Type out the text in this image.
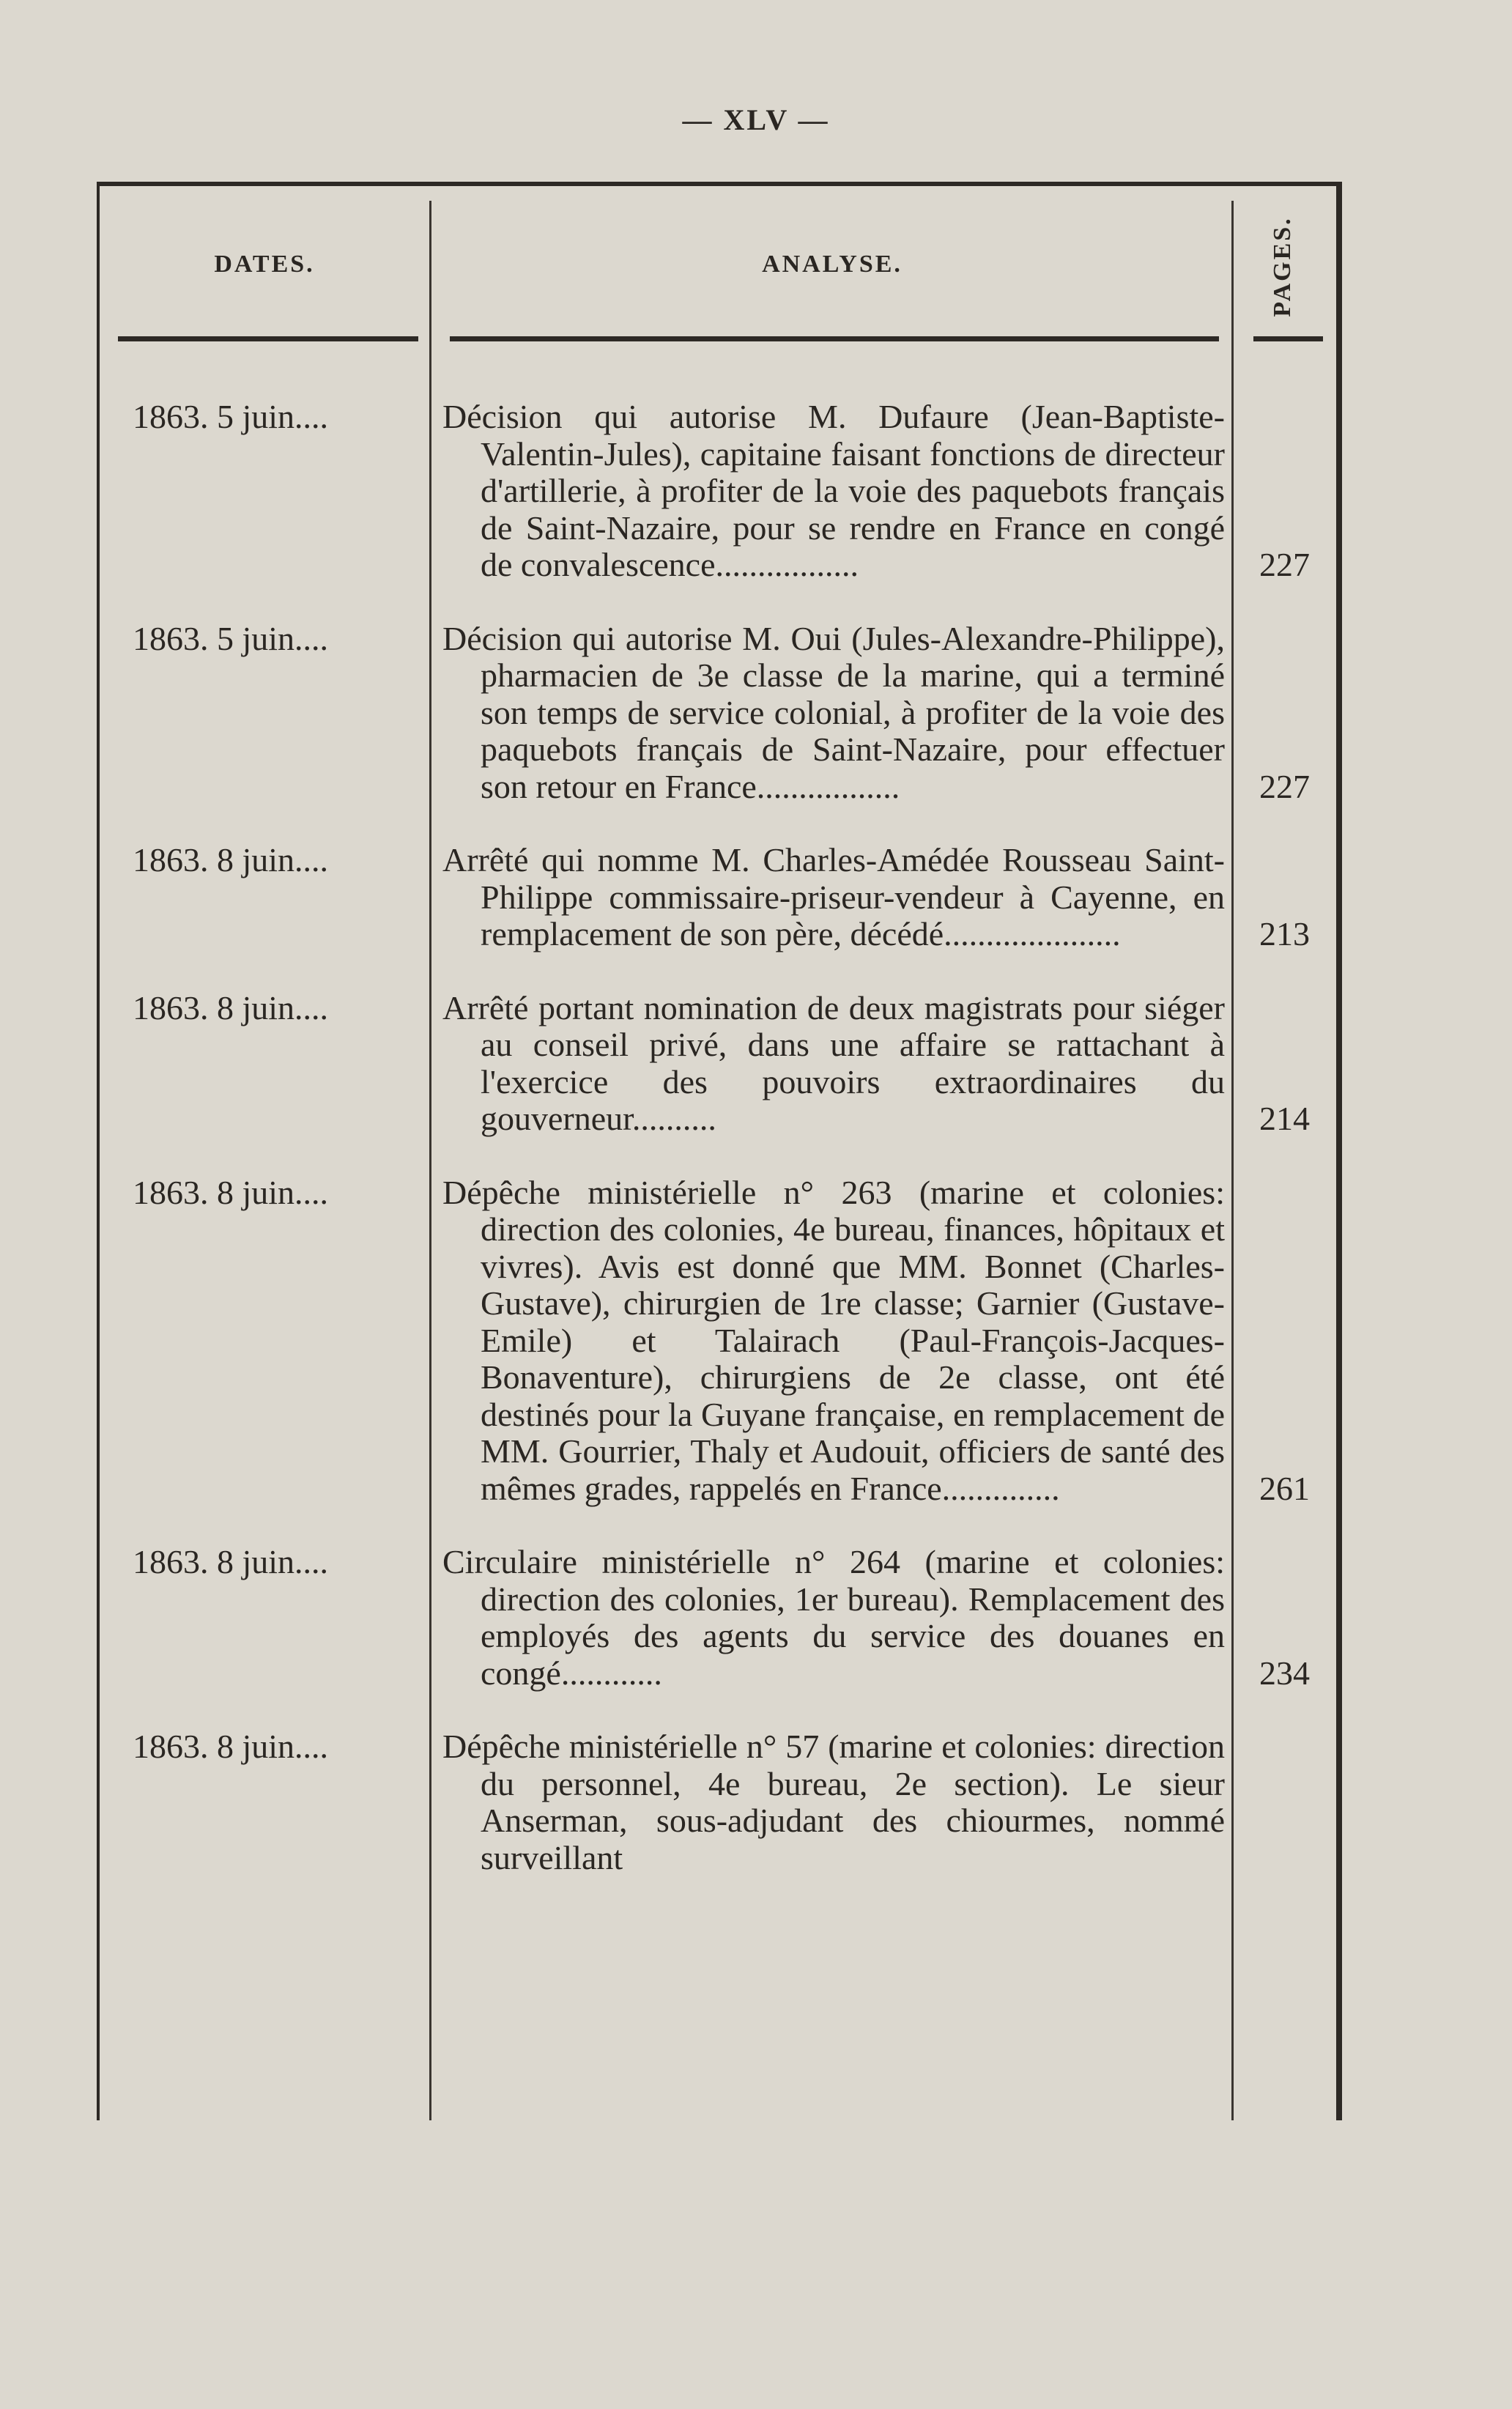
— XLV —
DATES.	ANALYSE.	PAGES.
1863. 5 juin....	Décision qui autorise M. Dufaure (Jean-Baptiste-Valentin-Jules), capitaine faisant fonctions de directeur d'artillerie, à profiter de la voie des paquebots français de Saint-Nazaire, pour se rendre en France en congé de convalescence.................	227
1863. 5 juin....	Décision qui autorise M. Oui (Jules-Alexandre-Philippe), pharmacien de 3e classe de la marine, qui a terminé son temps de service colonial, à profiter de la voie des paquebots français de Saint-Nazaire, pour effectuer son retour en France.................	227
1863. 8 juin....	Arrêté qui nomme M. Charles-Amédée Rousseau Saint-Philippe commissaire-priseur-vendeur à Cayenne, en remplacement de son père, décédé.....................	213
1863. 8 juin....	Arrêté portant nomination de deux magistrats pour siéger au conseil privé, dans une affaire se rattachant à l'exercice des pouvoirs extraordinaires du gouverneur..........	214
1863. 8 juin....	Dépêche ministérielle n° 263 (marine et colonies: direction des colonies, 4e bureau, finances, hôpitaux et vivres). Avis est donné que MM. Bonnet (Charles-Gustave), chirurgien de 1re classe; Garnier (Gustave-Emile) et Talairach (Paul-François-Jacques-Bonaventure), chirurgiens de 2e classe, ont été destinés pour la Guyane française, en remplacement de MM. Gourrier, Thaly et Audouit, officiers de santé des mêmes grades, rappelés en France..............	261
1863. 8 juin....	Circulaire ministérielle n° 264 (marine et colonies: direction des colonies, 1er bureau). Remplacement des employés des agents du service des douanes en congé............	234
1863. 8 juin....	Dépêche ministérielle n° 57 (marine et colonies: direction du personnel, 4e bureau, 2e section). Le sieur Anserman, sous-adjudant des chiourmes, nommé surveillant
